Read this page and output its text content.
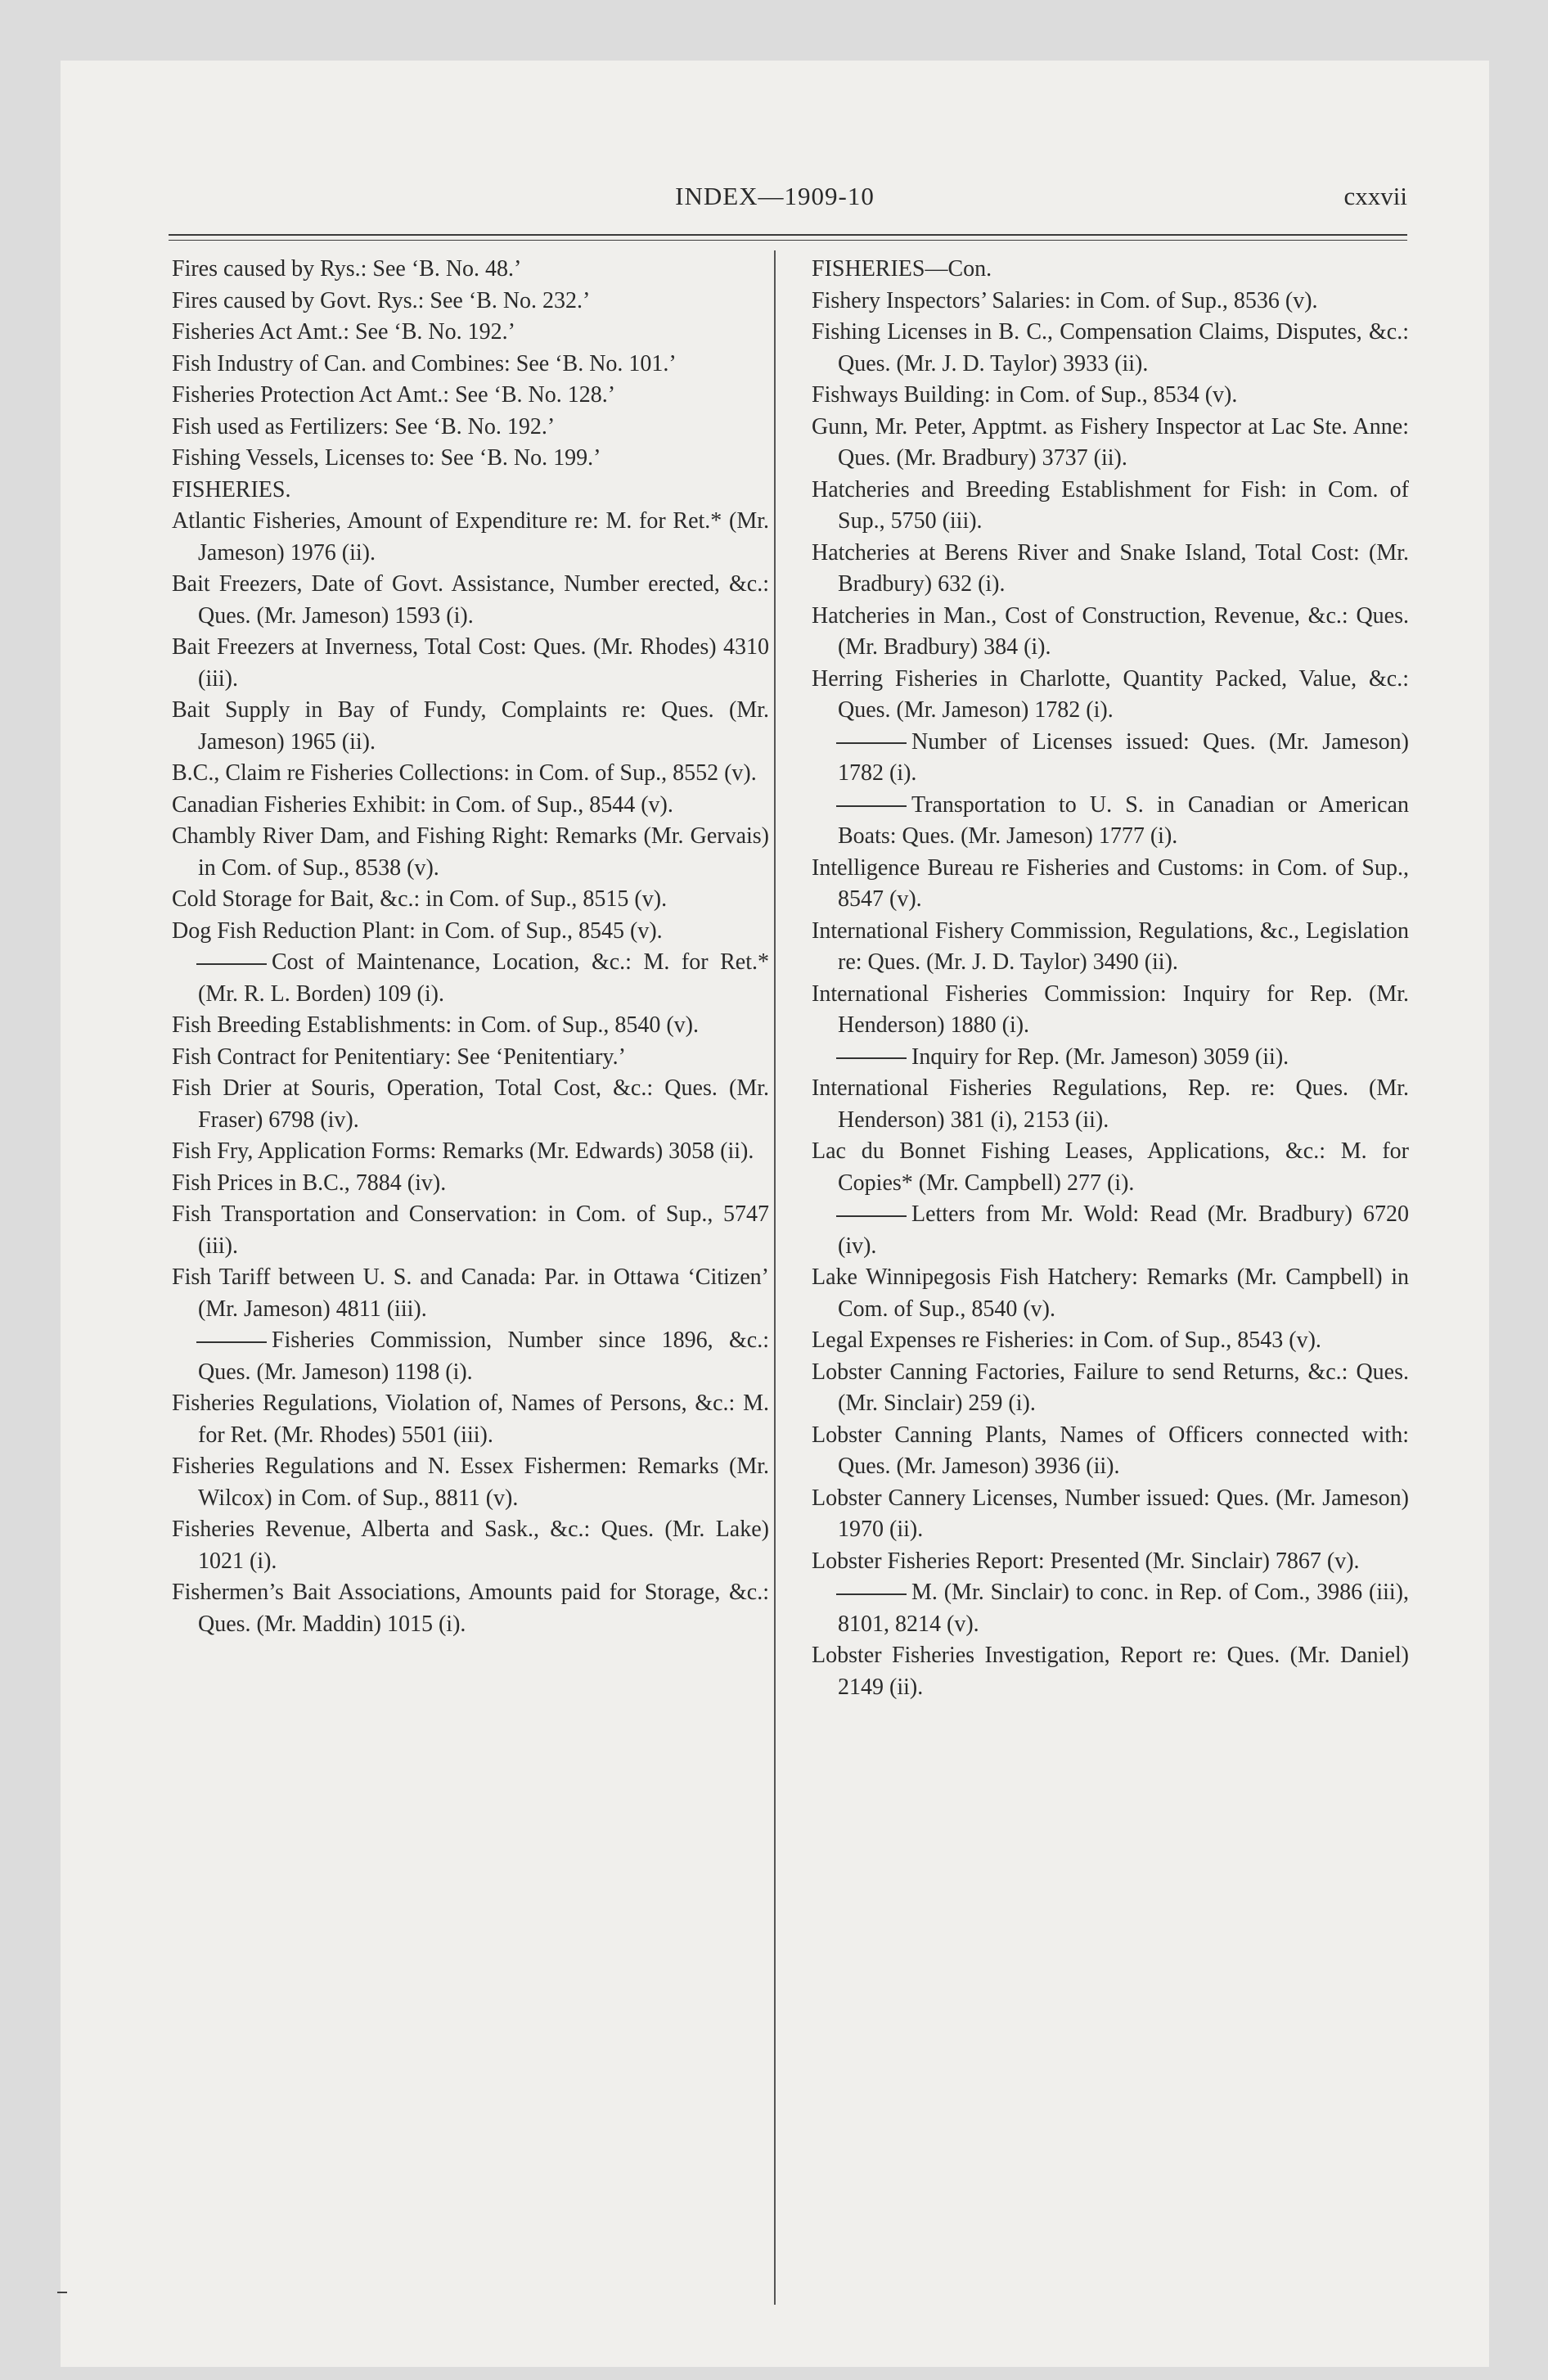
INDEX—1909-10	cxxvii

Fires caused by Rys.: See ‘B. No. 48.’

Fires caused by Govt. Rys.: See ‘B. No. 232.’

Fisheries Act Amt.: See ‘B. No. 192.’

Fish Industry of Can. and Combines: See ‘B. No. 101.’

Fisheries Protection Act Amt.: See ‘B. No. 128.’

Fish used as Fertilizers: See ‘B. No. 192.’

Fishing Vessels, Licenses to: See ‘B. No. 199.’

FISHERIES.

Atlantic Fisheries, Amount of Expenditure re: M. for Ret.* (Mr. Jameson) 1976 (ii).

Bait Freezers, Date of Govt. Assistance, Number erected, &c.: Ques. (Mr. Jameson) 1593 (i).

Bait Freezers at Inverness, Total Cost: Ques. (Mr. Rhodes) 4310 (iii).

Bait Supply in Bay of Fundy, Complaints re: Ques. (Mr. Jameson) 1965 (ii).

B.C., Claim re Fisheries Collections: in Com. of Sup., 8552 (v).

Canadian Fisheries Exhibit: in Com. of Sup., 8544 (v).

Chambly River Dam, and Fishing Right: Remarks (Mr. Gervais) in Com. of Sup., 8538 (v).

Cold Storage for Bait, &c.: in Com. of Sup., 8515 (v).

Dog Fish Reduction Plant: in Com. of Sup., 8545 (v).

Cost of Maintenance, Location, &c.: M. for Ret.* (Mr. R. L. Borden) 109 (i).

Fish Breeding Establishments: in Com. of Sup., 8540 (v).

Fish Contract for Penitentiary: See ‘Penitentiary.’

Fish Drier at Souris, Operation, Total Cost, &c.: Ques. (Mr. Fraser) 6798 (iv).

Fish Fry, Application Forms: Remarks (Mr. Edwards) 3058 (ii).

Fish Prices in B.C., 7884 (iv).

Fish Transportation and Conservation: in Com. of Sup., 5747 (iii).

Fish Tariff between U. S. and Canada: Par. in Ottawa ‘Citizen’ (Mr. Jameson) 4811 (iii).

Fisheries Commission, Number since 1896, &c.: Ques. (Mr. Jameson) 1198 (i).

Fisheries Regulations, Violation of, Names of Persons, &c.: M. for Ret. (Mr. Rhodes) 5501 (iii).

Fisheries Regulations and N. Essex Fishermen: Remarks (Mr. Wilcox) in Com. of Sup., 8811 (v).

Fisheries Revenue, Alberta and Sask., &c.: Ques. (Mr. Lake) 1021 (i).

Fishermen’s Bait Associations, Amounts paid for Storage, &c.: Ques. (Mr. Maddin) 1015 (i).

FISHERIES—Con.

Fishery Inspectors’ Salaries: in Com. of Sup., 8536 (v).

Fishing Licenses in B. C., Compensation Claims, Disputes, &c.: Ques. (Mr. J. D. Taylor) 3933 (ii).

Fishways Building: in Com. of Sup., 8534 (v).

Gunn, Mr. Peter, Apptmt. as Fishery Inspector at Lac Ste. Anne: Ques. (Mr. Bradbury) 3737 (ii).

Hatcheries and Breeding Establishment for Fish: in Com. of Sup., 5750 (iii).

Hatcheries at Berens River and Snake Island, Total Cost: (Mr. Bradbury) 632 (i).

Hatcheries in Man., Cost of Construction, Revenue, &c.: Ques. (Mr. Bradbury) 384 (i).

Herring Fisheries in Charlotte, Quantity Packed, Value, &c.: Ques. (Mr. Jameson) 1782 (i).

Number of Licenses issued: Ques. (Mr. Jameson) 1782 (i).

Transportation to U. S. in Canadian or American Boats: Ques. (Mr. Jameson) 1777 (i).

Intelligence Bureau re Fisheries and Customs: in Com. of Sup., 8547 (v).

International Fishery Commission, Regulations, &c., Legislation re: Ques. (Mr. J. D. Taylor) 3490 (ii).

International Fisheries Commission: Inquiry for Rep. (Mr. Henderson) 1880 (i).

Inquiry for Rep. (Mr. Jameson) 3059 (ii).

International Fisheries Regulations, Rep. re: Ques. (Mr. Henderson) 381 (i), 2153 (ii).

Lac du Bonnet Fishing Leases, Applications, &c.: M. for Copies* (Mr. Campbell) 277 (i).

Letters from Mr. Wold: Read (Mr. Bradbury) 6720 (iv).

Lake Winnipegosis Fish Hatchery: Remarks (Mr. Campbell) in Com. of Sup., 8540 (v).

Legal Expenses re Fisheries: in Com. of Sup., 8543 (v).

Lobster Canning Factories, Failure to send Returns, &c.: Ques. (Mr. Sinclair) 259 (i).

Lobster Canning Plants, Names of Officers connected with: Ques. (Mr. Jameson) 3936 (ii).

Lobster Cannery Licenses, Number issued: Ques. (Mr. Jameson) 1970 (ii).

Lobster Fisheries Report: Presented (Mr. Sinclair) 7867 (v).

M. (Mr. Sinclair) to conc. in Rep. of Com., 3986 (iii), 8101, 8214 (v).

Lobster Fisheries Investigation, Report re: Ques. (Mr. Daniel) 2149 (ii).
